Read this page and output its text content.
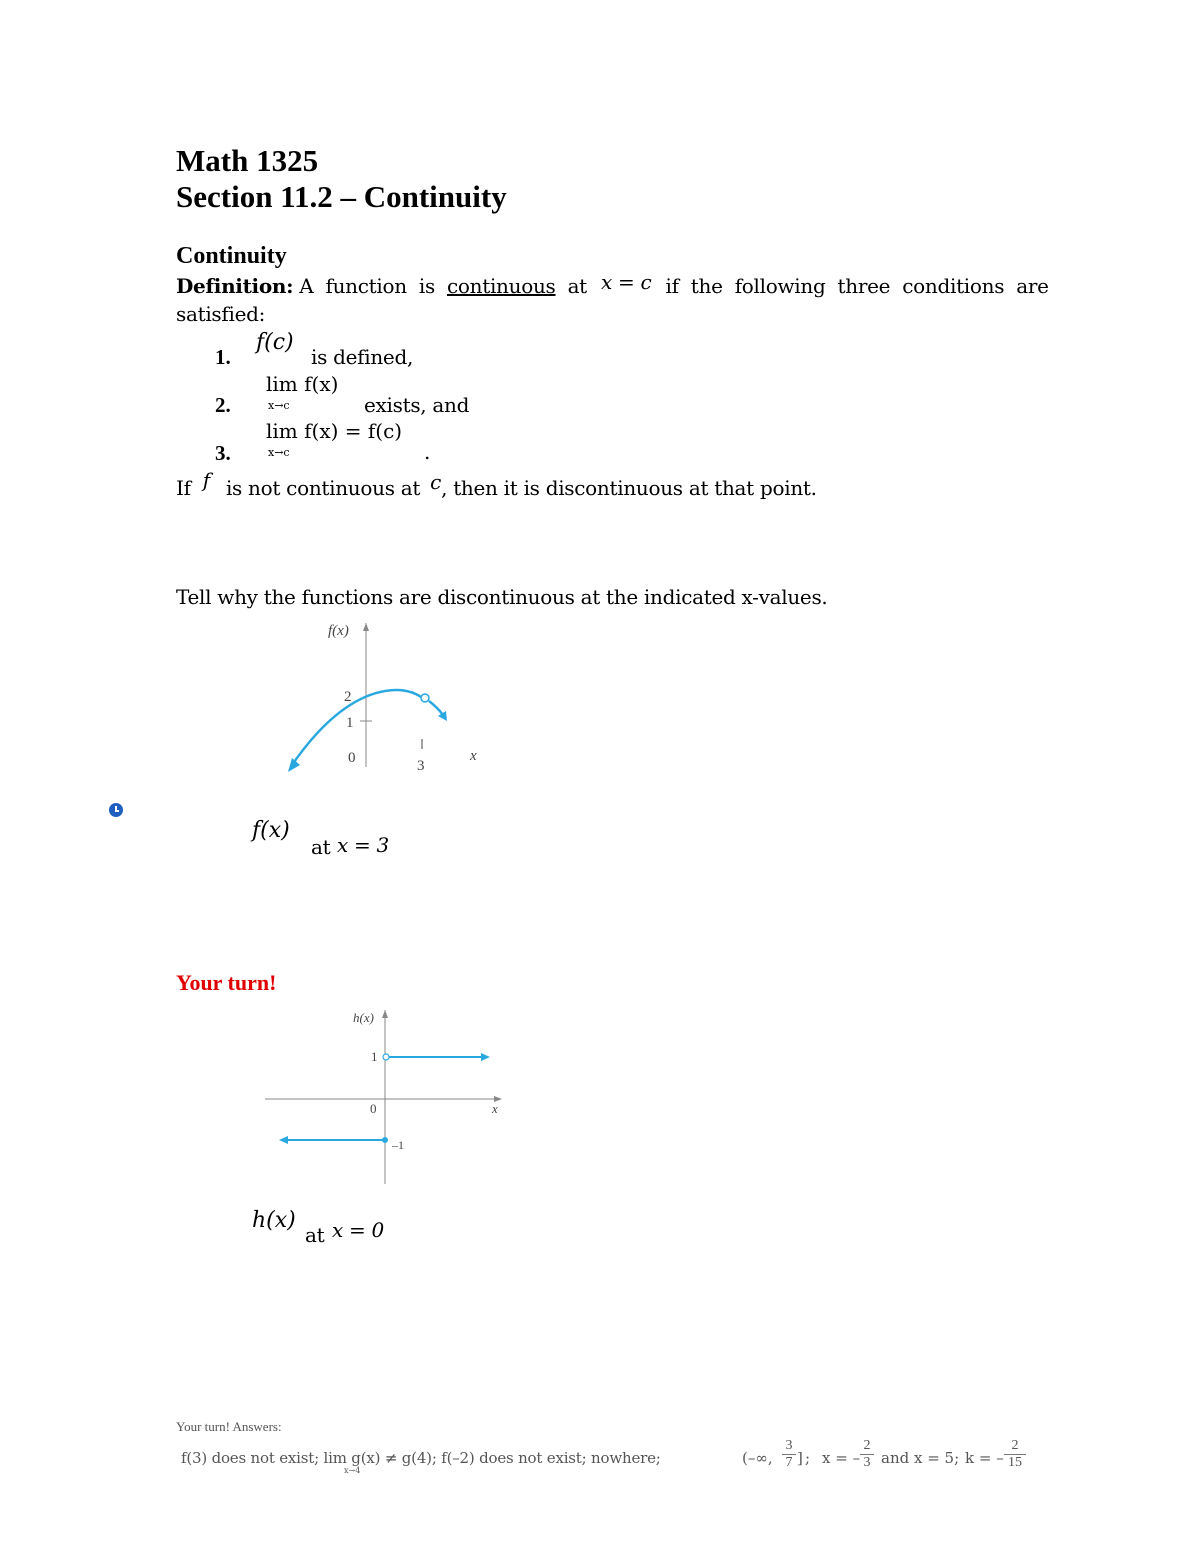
Math 1325
Section 11.2 – Continuity
Continuity
Definition: A function is continuous at x = c if the following three conditions are
satisfied:
1.
f(c)
is defined,
2.
lim f(x)
x→c	exists, and
3.
lim f(x) = f(c)
x→c	.
If f is not continuous at c, then it is discontinuous at that point.
Tell why the functions are discontinuous at the indicated x-values.
f(x)
2
1
0	3
x
f(x)
at x = 3
Your turn!
h(x)
1
0	x
–1
h(x)
at x = 0
Your turn! Answers:
f(3) does not exist; lim g(x) ≠ g(4); f(–2) does not exist; nowhere;
x→4
(–∞, $\frac{3}{7}$ ] ; x = – $\frac{2}{3}$ and x = 5; k = – $\frac{2}{15}$
